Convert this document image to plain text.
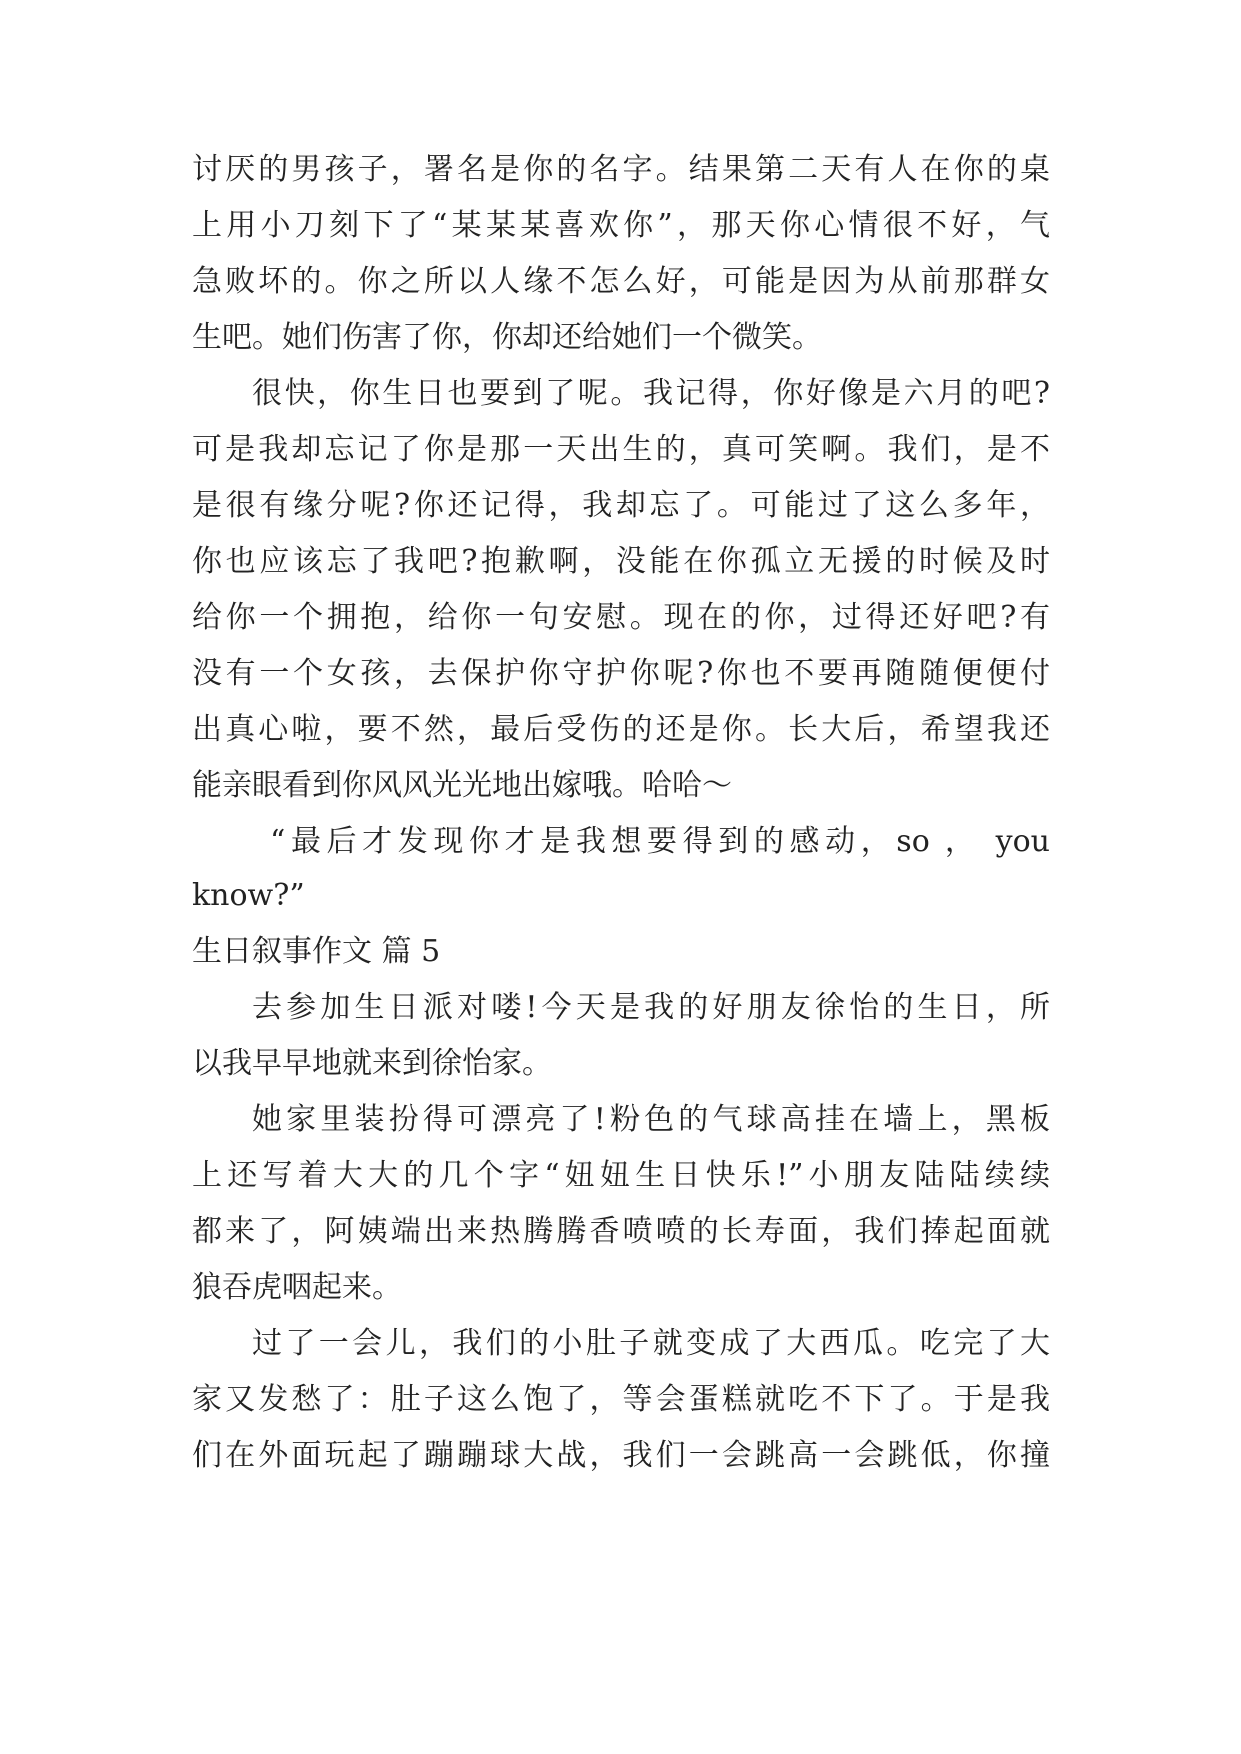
讨厌的男孩子，署名是你的名字。结果第二天有人在你的桌
上用小刀刻下了“某某某喜欢你”，那天你心情很不好，气
急败坏的。你之所以人缘不怎么好，可能是因为从前那群女
生吧。她们伤害了你，你却还给她们一个微笑。
很快，你生日也要到了呢。我记得，你好像是六月的吧?
可是我却忘记了你是那一天出生的，真可笑啊。我们，是不
是很有缘分呢?你还记得，我却忘了。可能过了这么多年，
你也应该忘了我吧?抱歉啊，没能在你孤立无援的时候及时
给你一个拥抱，给你一句安慰。现在的你，过得还好吧?有
没有一个女孩，去保护你守护你呢?你也不要再随随便便付
出真心啦，要不然，最后受伤的还是你。长大后，希望我还
能亲眼看到你风风光光地出嫁哦。哈哈～
“最后才发现你才是我想要得到的感动，so ， you
know?”
生日叙事作文 篇 5
去参加生日派对喽!今天是我的好朋友徐怡的生日，所
以我早早地就来到徐怡家。
她家里装扮得可漂亮了!粉色的气球高挂在墙上，黑板
上还写着大大的几个字“妞妞生日快乐!”小朋友陆陆续续
都来了，阿姨端出来热腾腾香喷喷的长寿面，我们捧起面就
狼吞虎咽起来。
过了一会儿，我们的小肚子就变成了大西瓜。吃完了大
家又发愁了：肚子这么饱了，等会蛋糕就吃不下了。于是我
们在外面玩起了蹦蹦球大战，我们一会跳高一会跳低，你撞
